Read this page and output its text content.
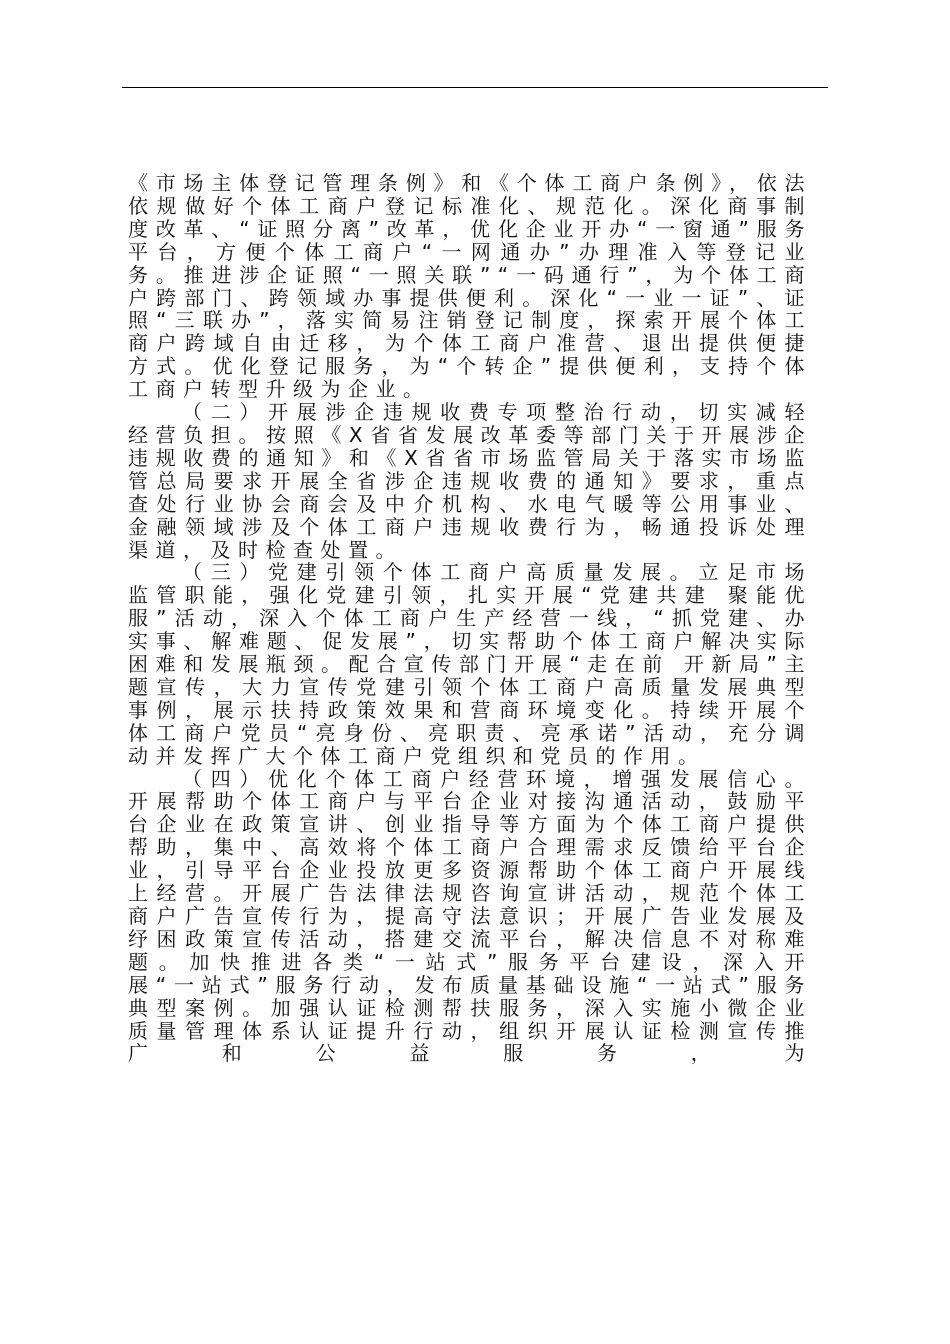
《市场主体登记管理条例》和《个体工商户条例》，依法依规做好个体工商户登记标准化、规范化。深化商事制度改革、“证照分离”改革，优化企业开办“一窗通”服务平台，方便个体工商户“一网通办”办理准入等登记业务。推进涉企证照“一照关联”“一码通行”，为个体工商户跨部门、跨领域办事提供便利。深化“一业一证”、证照“三联办”，落实简易注销登记制度，探索开展个体工商户跨域自由迁移，为个体工商户准营、退出提供便捷方式。优化登记服务，为“个转企”提供便利，支持个体工商户转型升级为企业。

（二）开展涉企违规收费专项整治行动，切实减轻经营负担。按照《X省省发展改革委等部门关于开展涉企违规收费的通知》和《X省省市场监管局关于落实市场监管总局要求开展全省涉企违规收费的通知》要求，重点查处行业协会商会及中介机构、水电气暖等公用事业、金融领域涉及个体工商户违规收费行为，畅通投诉处理渠道，及时检查处置。

（三）党建引领个体工商户高质量发展。立足市场监管职能，强化党建引领，扎实开展“党建共建 聚能优服”活动，深入个体工商户生产经营一线，“抓党建、办实事、解难题、促发展”，切实帮助个体工商户解决实际困难和发展瓶颈。配合宣传部门开展“走在前 开新局”主题宣传，大力宣传党建引领个体工商户高质量发展典型事例，展示扶持政策效果和营商环境变化。持续开展个体工商户党员“亮身份、亮职责、亮承诺”活动，充分调动并发挥广大个体工商户党组织和党员的作用。

（四）优化个体工商户经营环境，增强发展信心。开展帮助个体工商户与平台企业对接沟通活动，鼓励平台企业在政策宣讲、创业指导等方面为个体工商户提供帮助，集中、高效将个体工商户合理需求反馈给平台企业，引导平台企业投放更多资源帮助个体工商户开展线上经营。开展广告法律法规咨询宣讲活动，规范个体工商户广告宣传行为，提高守法意识；开展广告业发展及纾困政策宣传活动，搭建交流平台，解决信息不对称难题。加快推进各类“一站式”服务平台建设，深入开展“一站式”服务行动，发布质量基础设施“一站式”服务典型案例。加强认证检测帮扶服务，深入实施小微企业质量管理体系认证提升行动，组织开展认证检测宣传推广和公益服务，为
